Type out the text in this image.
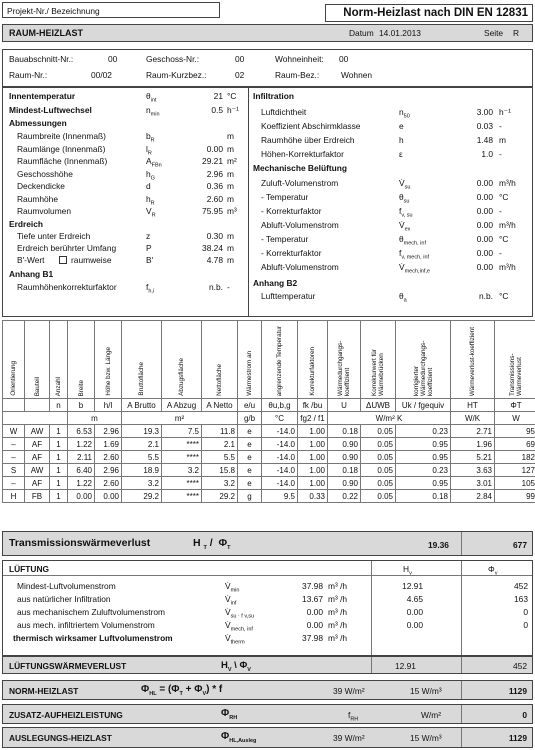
Projekt-Nr./ Bezeichnung	Norm-Heizlast nach DIN EN 12831
RAUM-HEIZLAST	Datum 14.01.2013	Seite R
Bauabschnitt-Nr.:	00	Geschoss-Nr.:	00	Wohneinheit: 00
Raum-Nr.:	00/02	Raum-Kurzbez.:	02	Raum-Bez.:	Wohnen
Innentemperatur	$\theta_{int}$	21 °C
Mindest-Luftwechsel	$n_{min}$	0.5 h⁻¹
Abmessungen
Raumbreite (Innenmaß)	$b_R$	m
Raumlänge (Innenmaß)	$l_R$	0.00 m
Raumfläche (Innenmaß)	$A_{FBn}$	29.21 m²
Geschosshöhe	$h_G$	2.96 m
Deckendicke	d	0.36 m
Raumhöhe	$h_R$	2.60 m
Raumvolumen	$V_R$	75.95 m³
Erdreich
Tiefe unter Erdreich	z	0.30 m
Erdreich berührter Umfang	P	38.24 m
B'-Wert	raumweise	B'	4.78 m
Anhang B1
Raumhöhenkorrekturfaktor	$f_{h,i}$	n.b. -
Infiltration
Luftdichtheit	$n_{50}$	3.00 h⁻¹
Koeffizient Abschirmklasse	e	0.03 -
Raumhöhe über Erdreich	h	1.48 m
Höhen-Korrekturfaktor	ε	1.0 -
Mechanische Belüftung
Zuluft-Volumenstrom	$V̇_{su}$	0.00 m³/h
- Temperatur	$\theta_{su}$	0.00 °C
- Korrekturfaktor	$f_{v, su}$	0.00 -
Abluft-Volumenstrom	$V̇_{ex}$	0.00 m³/h
- Temperatur	$\theta_{mech, inf}$	0.00 °C
- Korrekturfaktor	$f_{v, mech, inf}$	0.00 -
Abluft-Volumenstrom	$V̇_{mech,inf,e}$	0.00 m³/h
Anhang B2
Lufttemperatur	$\theta_a$	n.b. °C
Orientierung	Bauteil	Anzahl	Breite	Höhe bzw. Länge	Bruttofläche	Abzugsfläche	Nettofläche	Wärmestrom an	angrenzende Temperatur	Korrekturfaktoren	Wärmedurchgangs-koeffizient	Korrekturwert für Wärmebrücken	korrigierter Wärmedurchgangs-koeffizient	Wärmeverlust-koeffizient	Transmissions-Wärmeverlust

		n	b	h/l	A Brutto	A Abzug	A Netto	e/u	θu,b,g	fk /bu	U	ΔUWB	Uk / fgequiv	HT	ΦT
			m		m²			g/b	°C	fg2 / f1	W/m² K			W/K	W
W	AW	1	6.53	2.96	19.3	7.5	11.8	e	-14.0	1.00	0.18	0.05	0.23	2.71	95
–	AF	1	1.22	1.69	2.1	****	2.1	e	-14.0	1.00	0.90	0.05	0.95	1.96	69
–	AF	1	2.11	2.60	5.5	****	5.5	e	-14.0	1.00	0.90	0.05	0.95	5.21	182
S	AW	1	6.40	2.96	18.9	3.2	15.8	e	-14.0	1.00	0.18	0.05	0.23	3.63	127
–	AF	1	1.22	2.60	3.2	****	3.2	e	-14.0	1.00	0.90	0.05	0.95	3.01	105
H	FB	1	0.00	0.00	29.2	****	29.2	g	9.5	0.33	0.22	0.05	0.18	2.84	99
Transmissionswärmeverlust	H $_T / \Phi_T$	19.36	677
LÜFTUNG	$H_v$	$\Phi_v$
Mindest-Luftvolumenstrom	$V̇_{min}$	37.98 m³ /h	12.91	452
aus natürlicher Infiltration	$V̇_{inf}$	13.67 m³ /h	4.65	163
aus mechanischem Zuluftvolumenstrom	$V̇_{su \cdot f v,su}$	0.00 m³ /h	0.00	0
aus mech. infiltriertem Volumenstrom	$V̇_{mech, inf}$	0.00 m³ /h	0.00	0
thermisch wirksamer Luftvolumenstrom	$V̇_{therm}$	37.98 m³ /h
LÜFTUNGSWÄRMEVERLUST	$H_V$ \ $\Phi_V$	12.91	452
NORM-HEIZLAST	$\Phi_{HL} = (\Phi_T + \Phi_V) * f$	39 W/m²	15 W/m³	1129
ZUSATZ-AUFHEIZLEISTUNG	$\Phi_{RH}$	$f_{RH}$	W/m²	0
AUSLEGUNGS-HEIZLAST	$\Phi_{HL,Ausleg}$	39 W/m²	15 W/m³	1129
